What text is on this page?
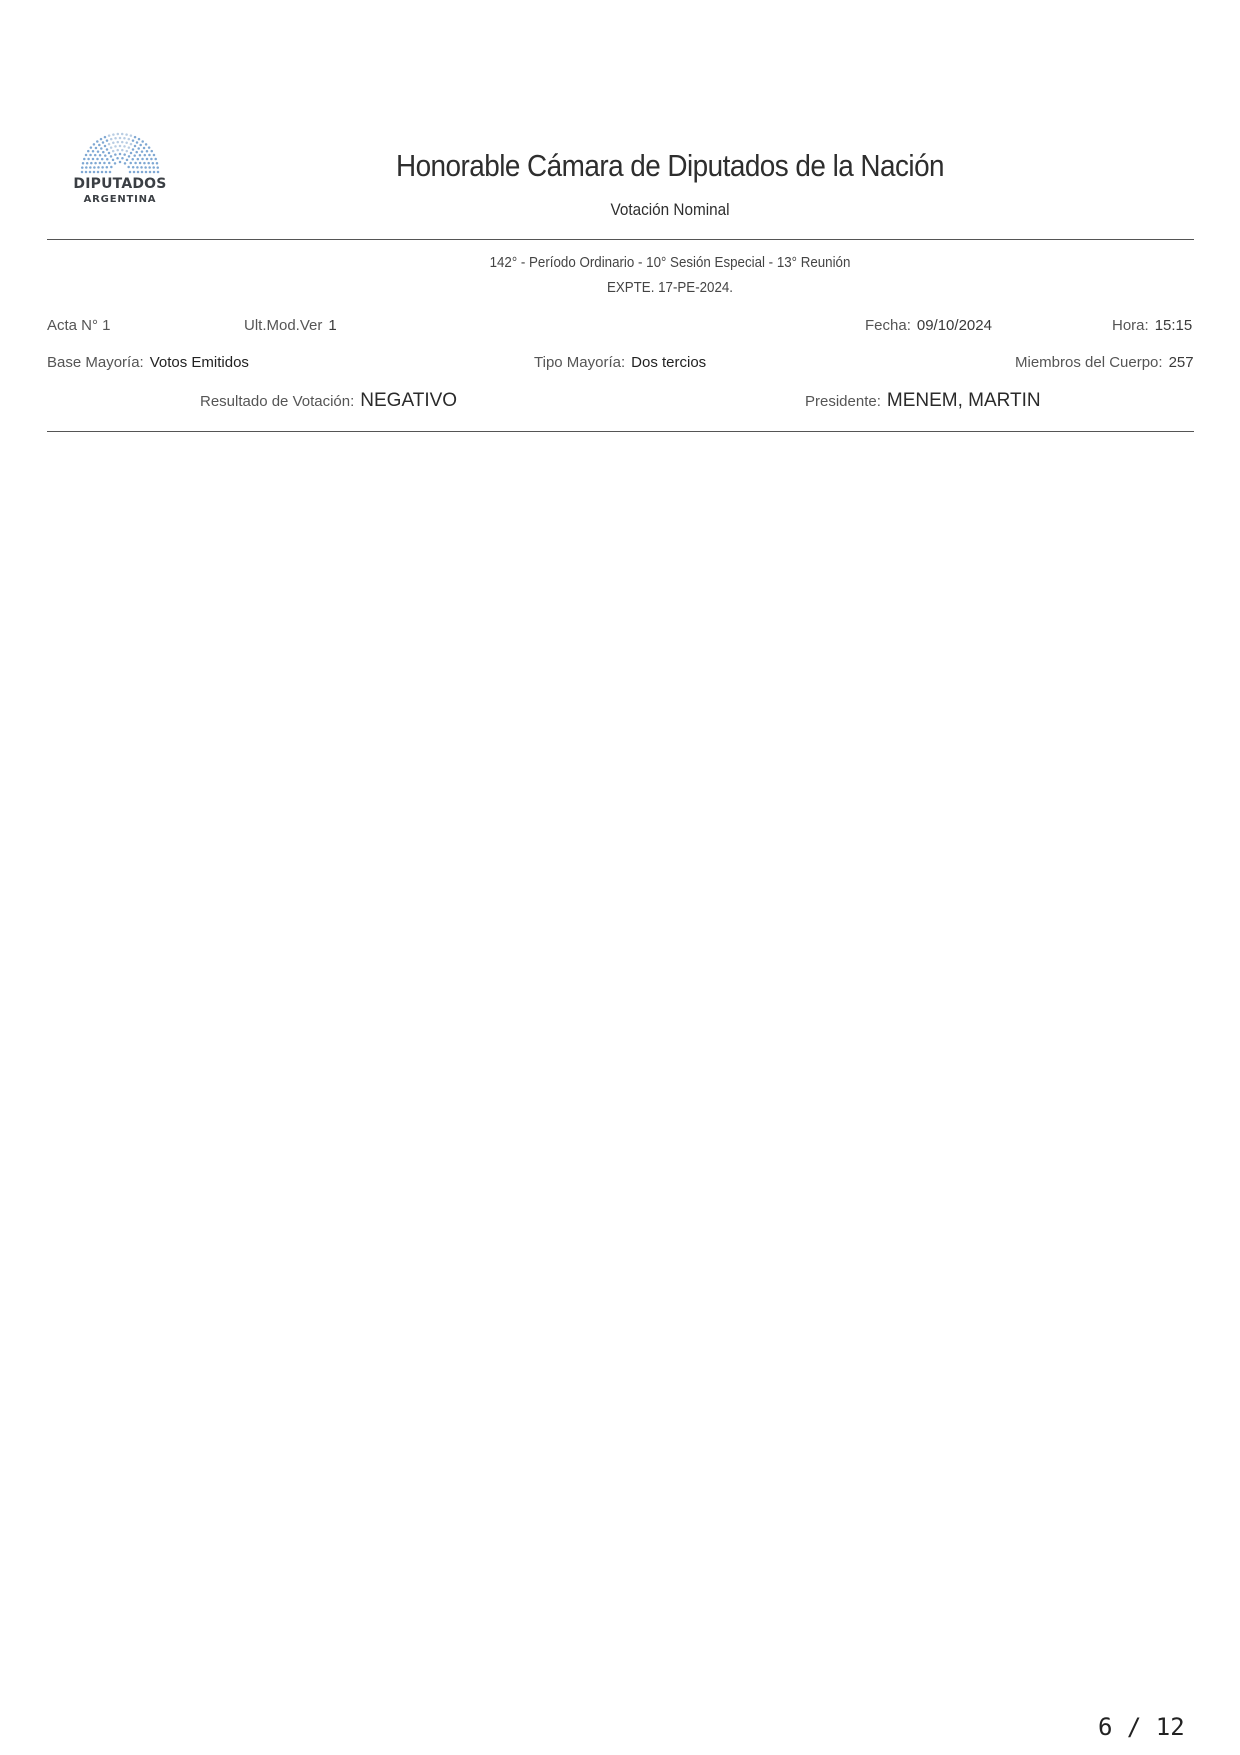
DIPUTADOS
ARGENTINA
Honorable Cámara de Diputados de la Nación
Votación Nominal
142° - Período Ordinario - 10° Sesión Especial - 13° Reunión
EXPTE. 17-PE-2024.
Acta N° 1	Ult.Mod.Ver 1	Fecha: 09/10/2024	Hora: 15:15
Base Mayoría: Votos Emitidos	Tipo Mayoría: Dos tercios	Miembros del Cuerpo: 257
Resultado de Votación: NEGATIVO	Presidente: MENEM, MARTIN
6 / 12
